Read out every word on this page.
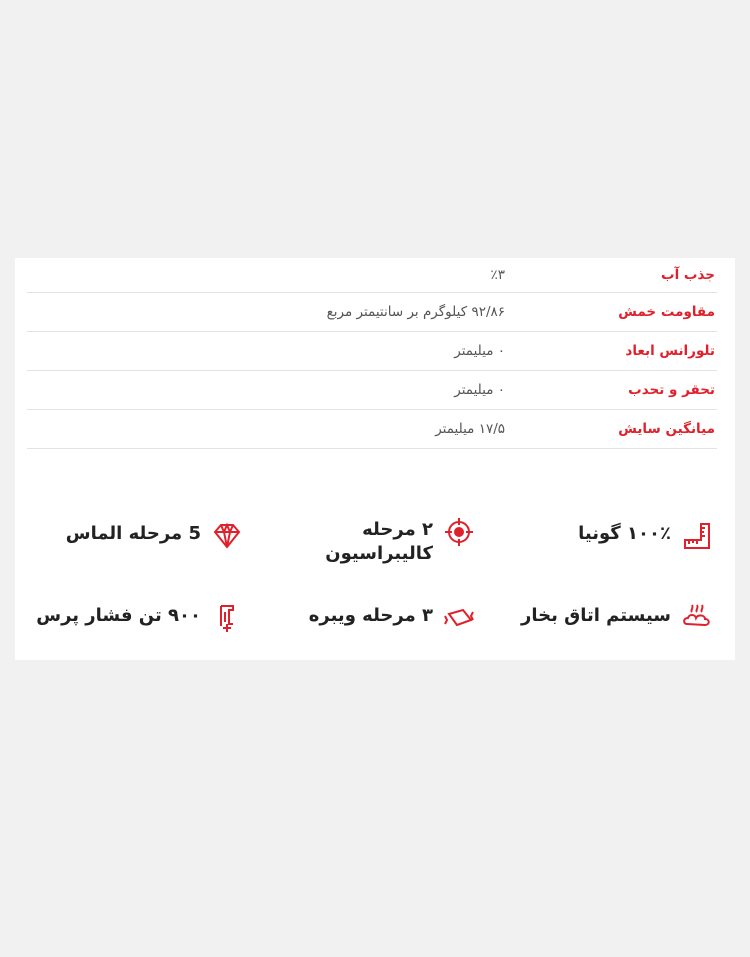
جذب آب
٪۳
مقاومت خمش
۹۲/۸۶ کیلوگرم بر سانتیمتر مربع
تلورانس ابعاد
۰ میلیمتر
تحقر و تحدب
۰ میلیمتر
میانگین سایش
۱۷/۵ میلیمتر
۱۰۰٪ گونیا
۲ مرحله
کالیبراسیون
5 مرحله الماس
سیستم اتاق بخار
۳ مرحله ویبره
۹۰۰ تن فشار پرس
